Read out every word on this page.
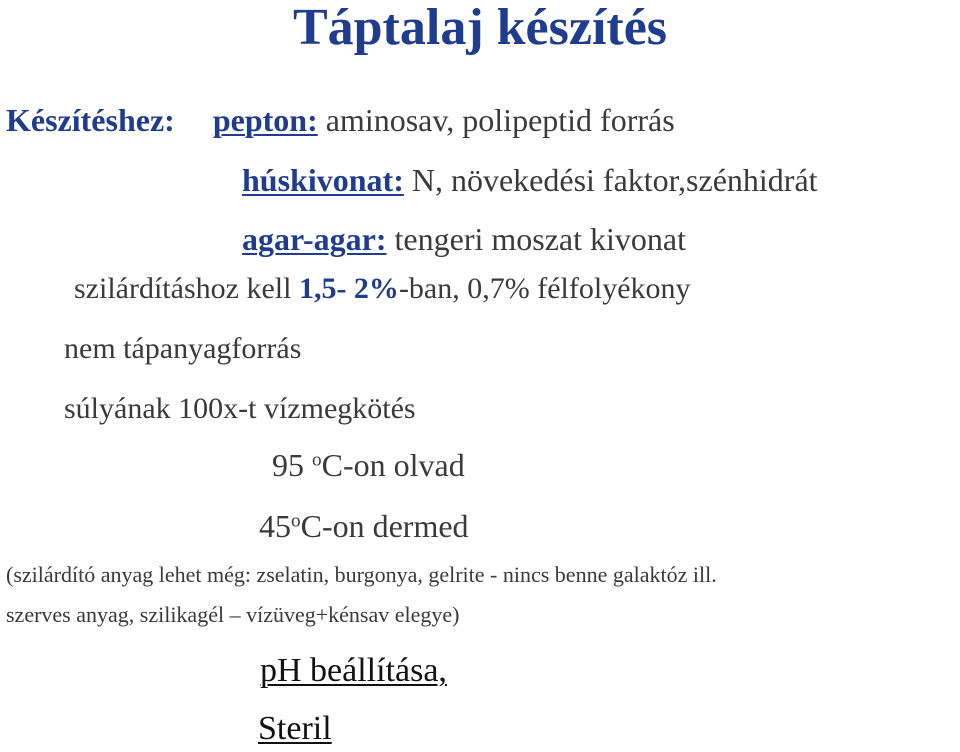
Táptalaj készítés
Készítéshez: pepton: aminosav, polipeptid forrás
húskivonat: N, növekedési faktor,szénhidrát
agar-agar: tengeri moszat kivonat
szilárdításhoz kell 1,5- 2%-ban, 0,7% félfolyékony
nem tápanyagforrás
súlyának 100x-t vízmegkötés
95 $^o$C-on olvad
45$^o$C-on dermed
(szilárdító anyag lehet még: zselatin, burgonya, gelrite - nincs benne galaktóz ill.
szerves anyag, szilikagél – vízüveg+kénsav elegye)
pH beállítása,
Steril
